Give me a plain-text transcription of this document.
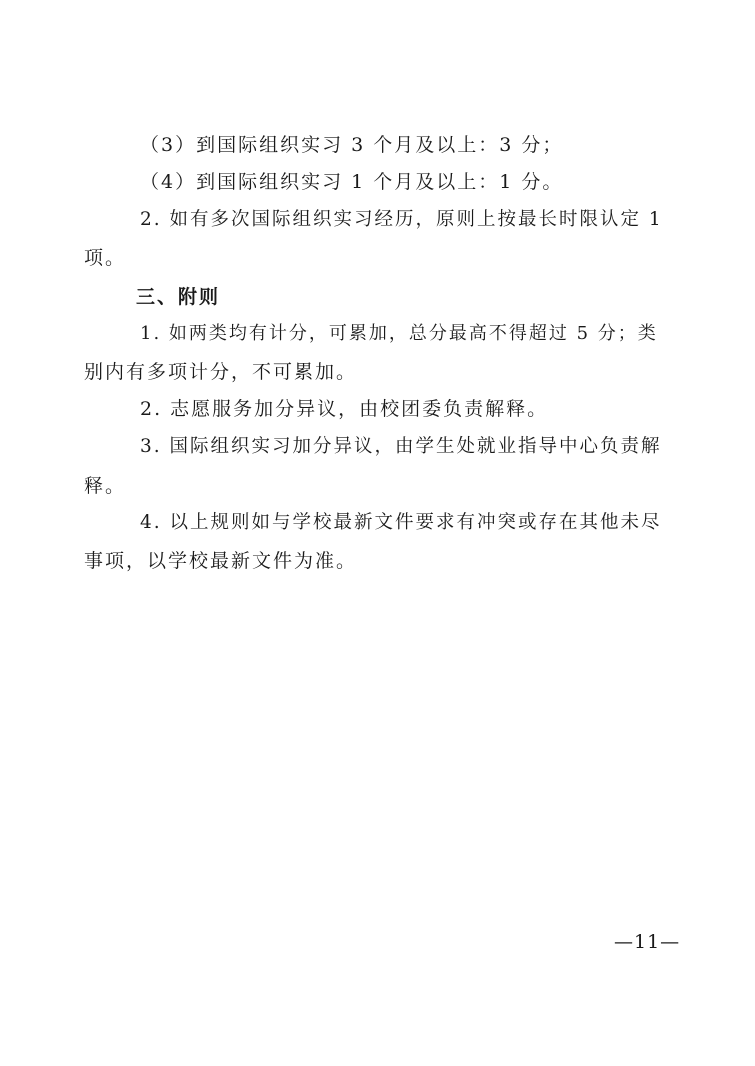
（3）到国际组织实习 3 个月及以上：3 分；
（4）到国际组织实习 1 个月及以上：1 分。
2. 如有多次国际组织实习经历，原则上按最长时限认定 1
项。
三、附则
1. 如两类均有计分，可累加，总分最高不得超过 5 分；类
别内有多项计分，不可累加。
2. 志愿服务加分异议，由校团委负责解释。
3. 国际组织实习加分异议，由学生处就业指导中心负责解
释。
4. 以上规则如与学校最新文件要求有冲突或存在其他未尽
事项，以学校最新文件为准。
—11—
